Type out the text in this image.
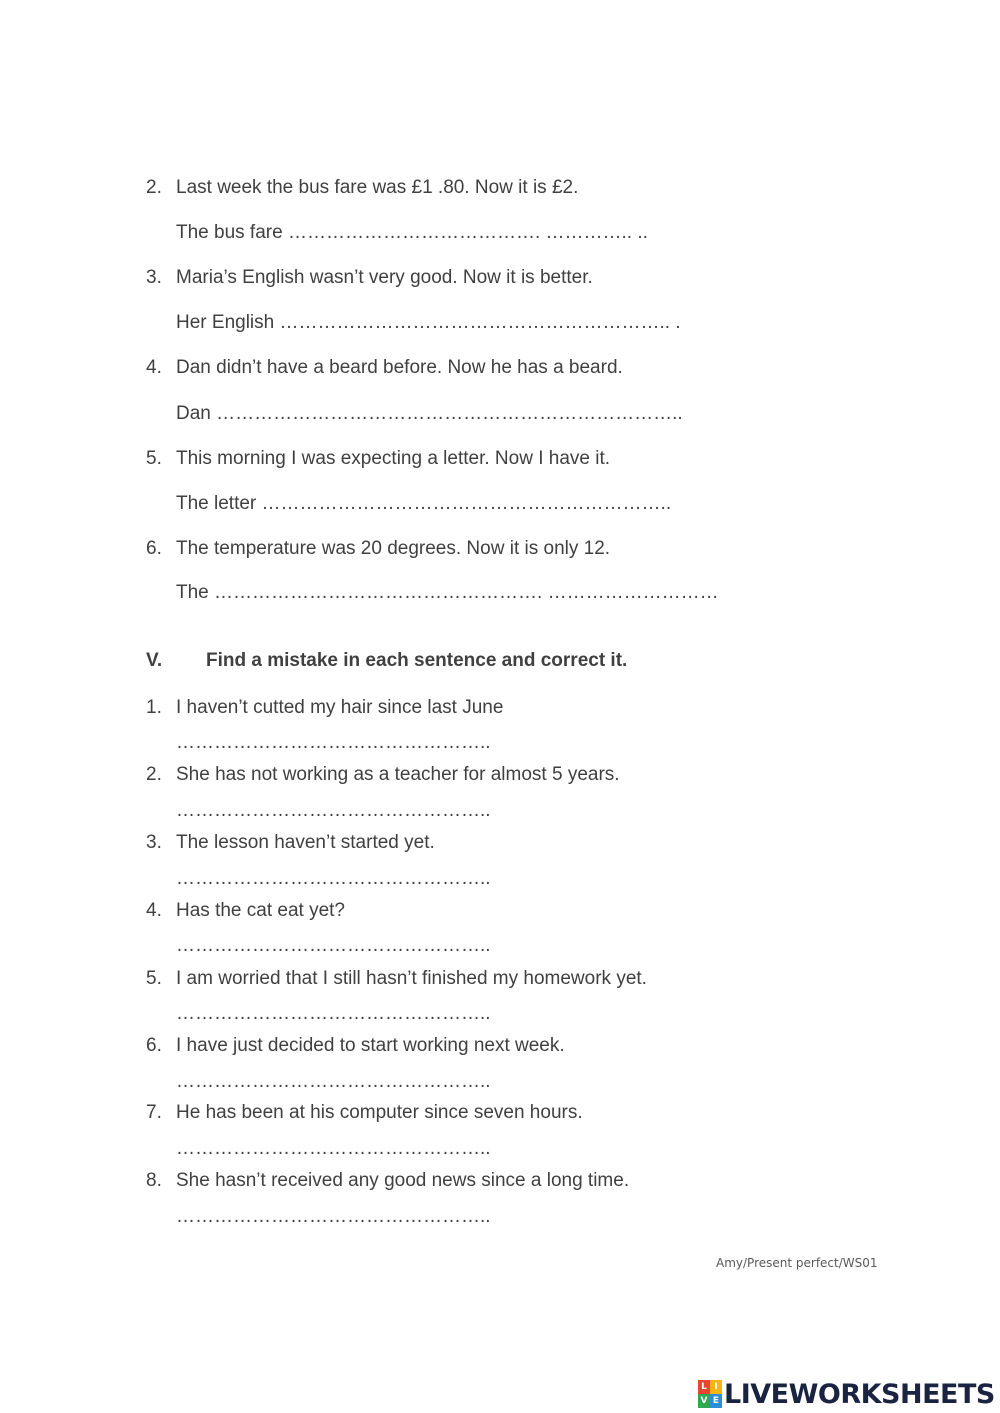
2. Last week the bus fare was £1 .80. Now it is £2.
The bus fare …………………………………. ………….. ..
3. Maria’s English wasn’t very good. Now it is better.
Her English …………………………………………………….. .
4. Dan didn’t have a beard before. Now he has a beard.
Dan ………………………………………………………………..
5. This morning I was expecting a letter. Now I have it.
The letter ………………………………………………………..
6. The temperature was 20 degrees. Now it is only 12.
The ……………………………………………. ………………………
V. Find a mistake in each sentence and correct it.
1. I haven’t cutted my hair since last June
…………………………………………..
2. She has not working as a teacher for almost 5 years.
…………………………………………..
3. The lesson haven’t started yet.
…………………………………………..
4. Has the cat eat yet?
…………………………………………..
5. I am worried that I still hasn’t finished my homework yet.
…………………………………………..
6. I have just decided to start working next week.
…………………………………………..
7. He has been at his computer since seven hours.
…………………………………………..
8. She hasn’t received any good news since a long time.
…………………………………………..
Amy/Present perfect/WS01
L I
V E LIVEWORKSHEETS
